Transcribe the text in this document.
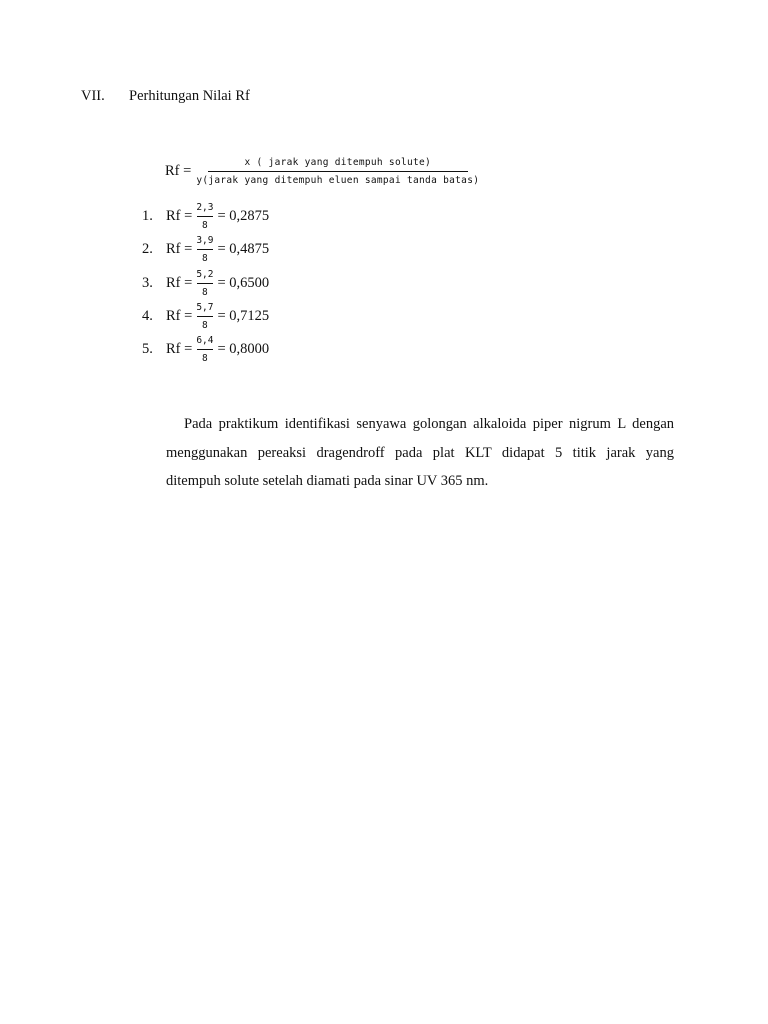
VII. Perhitungan Nilai Rf
$Rf = \frac{\text{x ( jarak yang ditempuh solute)}}{\text{y(jarak yang ditempuh eluen sampai tanda batas)}}$
1. $Rf = \frac{2,3}{8} = 0,2875$
2. $Rf = \frac{3,9}{8} = 0,4875$
3. $Rf = \frac{5,2}{8} = 0,6500$
4. $Rf = \frac{5,7}{8} = 0,7125$
5. $Rf = \frac{6,4}{8} = 0,8000$

Pada praktikum identifikasi senyawa golongan alkaloida piper nigrum L dengan
menggunakan pereaksi dragendroff pada plat KLT didapat 5 titik jarak yang
ditempuh solute setelah diamati pada sinar UV 365 nm.
